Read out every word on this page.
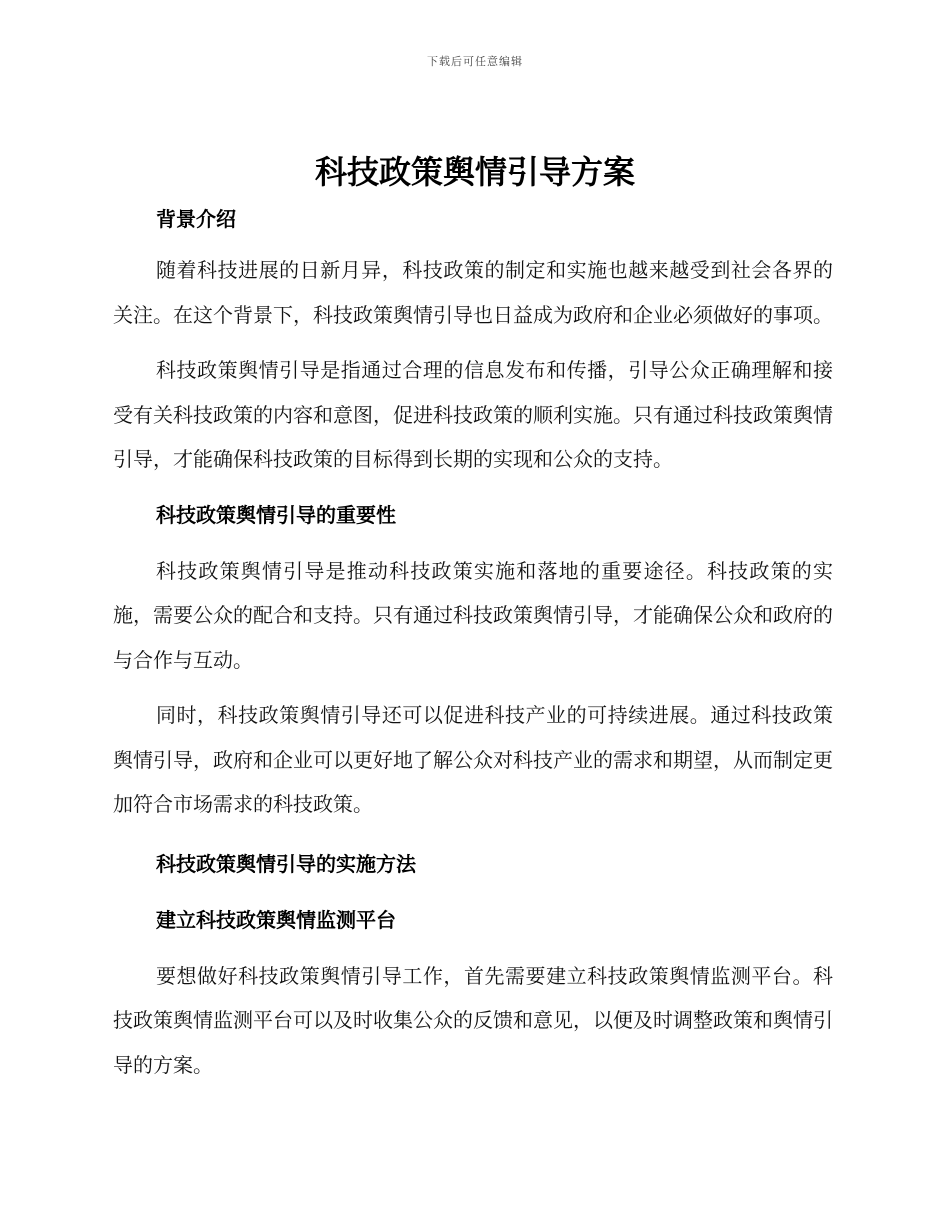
下载后可任意编辑
科技政策舆情引导方案
背景介绍

随着科技进展的日新月异，科技政策的制定和实施也越来越受到社会各界的关注。在这个背景下，科技政策舆情引导也日益成为政府和企业必须做好的事项。

科技政策舆情引导是指通过合理的信息发布和传播，引导公众正确理解和接受有关科技政策的内容和意图，促进科技政策的顺利实施。只有通过科技政策舆情引导，才能确保科技政策的目标得到长期的实现和公众的支持。

科技政策舆情引导的重要性

科技政策舆情引导是推动科技政策实施和落地的重要途径。科技政策的实施，需要公众的配合和支持。只有通过科技政策舆情引导，才能确保公众和政府的与合作与互动。

同时，科技政策舆情引导还可以促进科技产业的可持续进展。通过科技政策舆情引导，政府和企业可以更好地了解公众对科技产业的需求和期望，从而制定更加符合市场需求的科技政策。

科技政策舆情引导的实施方法
建立科技政策舆情监测平台

要想做好科技政策舆情引导工作，首先需要建立科技政策舆情监测平台。科技政策舆情监测平台可以及时收集公众的反馈和意见，以便及时调整政策和舆情引导的方案。
